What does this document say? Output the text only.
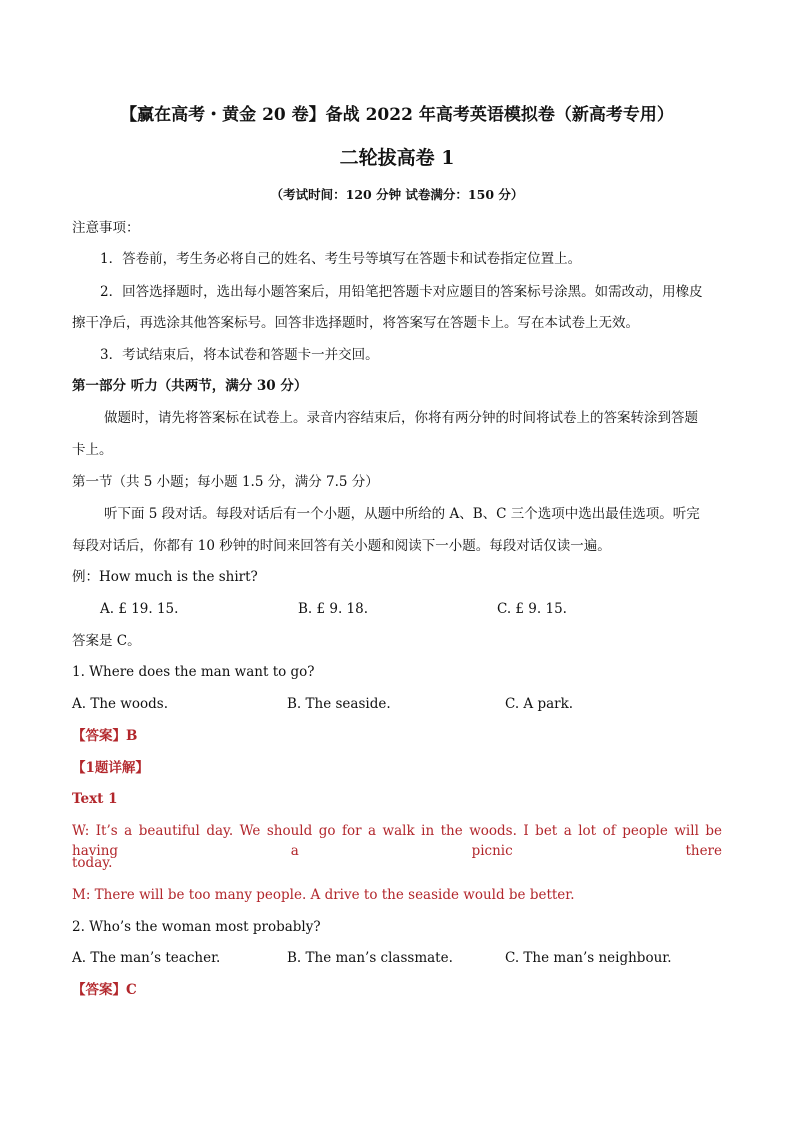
【赢在高考・黄金 20 卷】备战 2022 年高考英语模拟卷（新高考专用）
二轮拔高卷 1
（考试时间：120 分钟 试卷满分：150 分）
注意事项：
1．答卷前，考生务必将自己的姓名、考生号等填写在答题卡和试卷指定位置上。
2．回答选择题时，选出每小题答案后，用铅笔把答题卡对应题目的答案标号涂黑。如需改动，用橡皮
擦干净后，再选涂其他答案标号。回答非选择题时，将答案写在答题卡上。写在本试卷上无效。
3．考试结束后，将本试卷和答题卡一并交回。
第一部分 听力（共两节，满分 30 分）
做题时，请先将答案标在试卷上。录音内容结束后，你将有两分钟的时间将试卷上的答案转涂到答题
卡上。
第一节（共 5 小题；每小题 1.5 分，满分 7.5 分）
听下面 5 段对话。每段对话后有一个小题，从题中所给的 A、B、C 三个选项中选出最佳选项。听完
每段对话后，你都有 10 秒钟的时间来回答有关小题和阅读下一小题。每段对话仅读一遍。
例：How much is the shirt?
A. £ 19. 15.	B. £ 9. 18.	C. £ 9. 15.
答案是 C。
1. Where does the man want to go?
A. The woods.	B. The seaside.	C. A park.
【答案】B
【1题详解】
Text 1
W: It’s a beautiful day. We should go for a walk in the woods. I bet a lot of people will be having a picnic there
today.
M: There will be too many people. A drive to the seaside would be better.
2. Who’s the woman most probably?
A. The man’s teacher.	B. The man’s classmate.	C. The man’s neighbour.
【答案】C
